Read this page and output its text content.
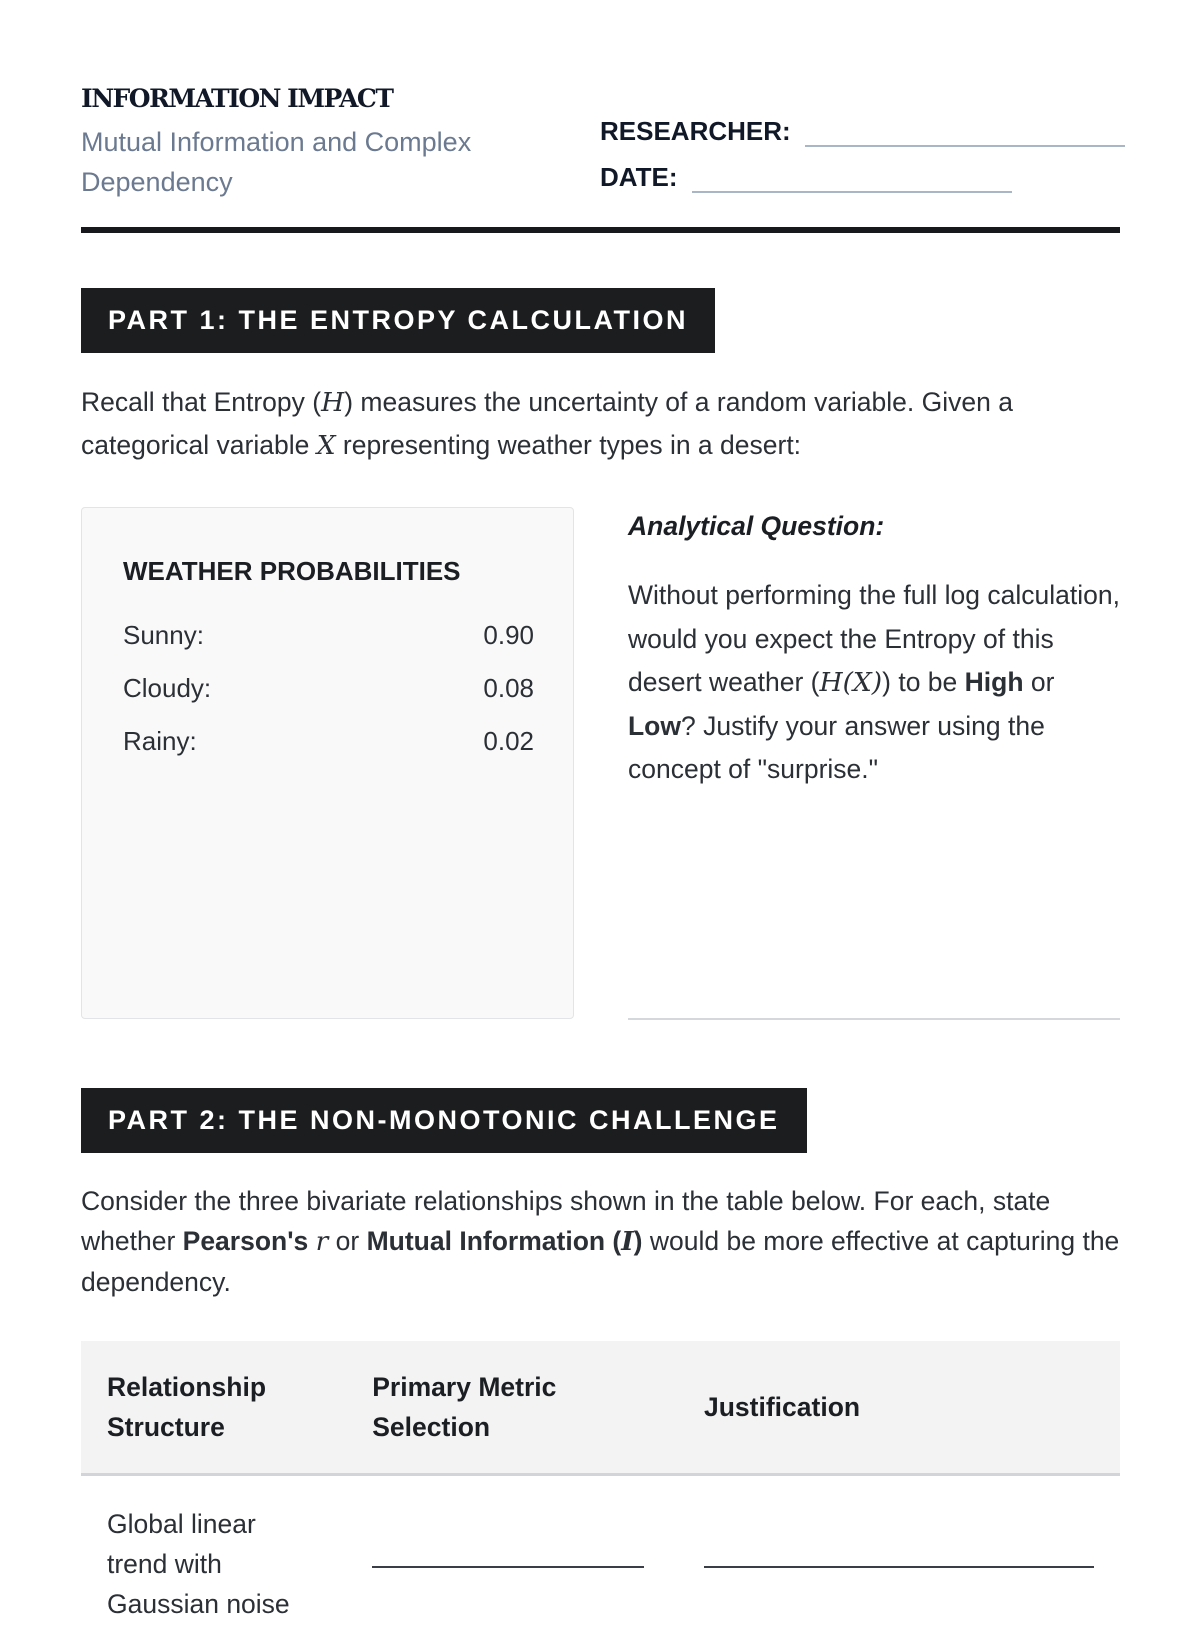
INFORMATION IMPACT
Mutual Information and Complex Dependency
RESEARCHER:
DATE:
PART 1: THE ENTROPY CALCULATION
Recall that Entropy (H) measures the uncertainty of a random variable. Given a categorical variable X representing weather types in a desert:
WEATHER PROBABILITIES
Sunny:	0.90
Cloudy:	0.08
Rainy:	0.02
Analytical Question:
Without performing the full log calculation, would you expect the Entropy of this desert weather (H(X)) to be High or Low? Justify your answer using the concept of "surprise."
PART 2: THE NON-MONOTONIC CHALLENGE
Consider the three bivariate relationships shown in the table below. For each, state whether Pearson's r or Mutual Information (I) would be more effective at capturing the dependency.
Relationship Structure	Primary Metric Selection	Justification
Global linear trend with Gaussian noise		
